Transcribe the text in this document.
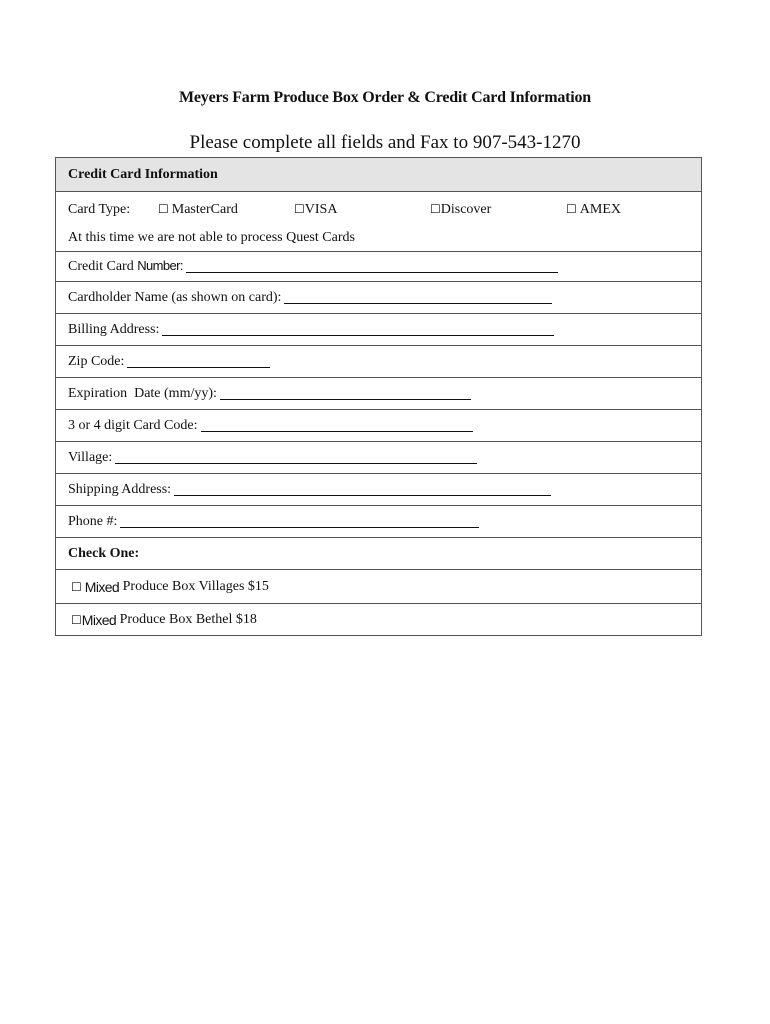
Meyers Farm Produce Box Order & Credit Card Information
Please complete all fields and Fax to 907-543-1270
Credit Card Information
Card Type: ☐ MasterCard	☐VISA	☐Discover	☐ AMEX
At this time we are not able to process Quest Cards
Credit Card Number:
Cardholder Name (as shown on card):
Billing Address:
Zip Code:
Expiration  Date (mm/yy):
3 or 4 digit Card Code:
Village:
Shipping Address:
Phone #:
Check One:
☐ Mixed Produce Box Villages $15
☐ Mixed Produce Box Bethel $18
